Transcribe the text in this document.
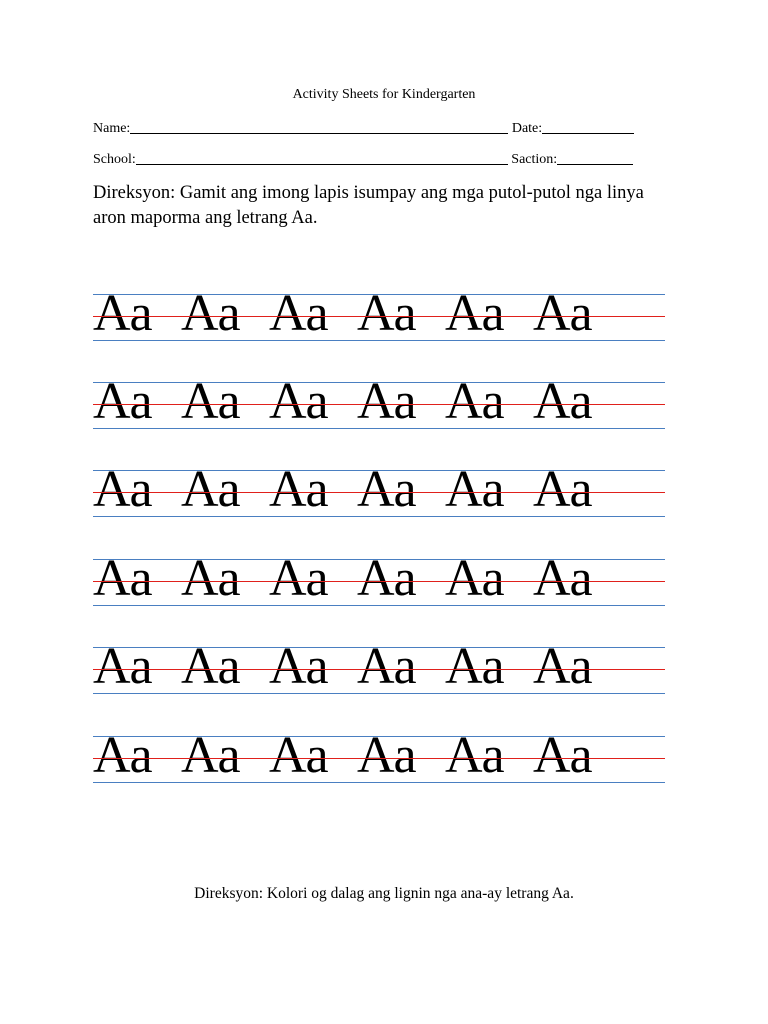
Activity Sheets for Kindergarten
Name:	Date:
School:	Saction:
Direksyon: Gamit ang imong lapis isumpay ang mga putol-putol nga linya aron maporma ang letrang Aa.
Aa Aa Aa Aa Aa Aa
Aa Aa Aa Aa Aa Aa
Aa Aa Aa Aa Aa Aa
Aa Aa Aa Aa Aa Aa
Aa Aa Aa Aa Aa Aa
Aa Aa Aa Aa Aa Aa
Direksyon: Kolori og dalag ang lignin nga ana-ay letrang Aa.
